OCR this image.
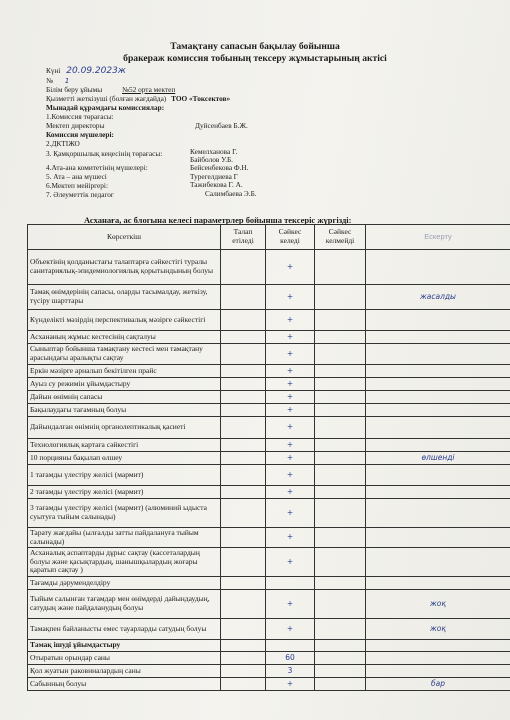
Тамақтану сапасын бақылау бойынша
бракераж комиссия тобының тексеру жұмыстарының актісі
Күні 20.09.2023ж
№ 1
Білім беру ұйымы	№52 орта мектеп
Қызметті жеткізуші (болған жағдайда) ТОО «Токсектов»
Мынадай құрамдағы комиссиялар:
1.Комиссия төрағасы:
Мектеп директоры	Дуйсенбаев Б.Ж.
Комиссия мүшелері:
2.ДКТІЖО
3. Қамқоршылық кеңесінің төрағасы:	Кемелханова Г.
Байболов У.Б.
4.Ата-ана комитетінің мүшелері:	Бейсенбекова Ф.Н.
5. Ата – ана мүшесі	Турегелдиева Г
6.Мектеп мейіргері:	Тажибекова Г. А.
7. Әлеуметтік педагог	Салимбаева Э.Б.
Асханаға, ас блогына келесі параметрлер бойынша тексеріс жүргізді:
Көрсеткіш	Талап етіледі	Сәйкес келеді	Сәйкес келмейді	Ескерту
Объектінің қолданыстағы талаптарға сәйкестігі туралы санитариялық-эпидемиологиялық қорытындының болуы		+		
Тамақ өнімдерінің сапасы, оларды тасымалдау, жеткізу, түсіру шарттары		+		жасалды
Күнделікті мәзірдің перспективалық мәзірге сәйкестігі		+		
Асхананың жұмыс кестесінің сақталуы		+		
Сыныптар бойынша тамақтану кестесі мен тамақтану арасындағы аралықты сақтау		+		
Еркін мәзірге арналып бекітілген прайс		+		
Ауыз су режимін ұйымдастыру		+		
Дайын өнімнің сапасы		+		
Бақылаудағы тағамның болуы		+		
Дайындалған өнімнің органолептикалық қасиеті		+		
Технологиялық картаға сәйкестігі		+		
10 порцияны бақылап өлшеу		+		өлшенді
1 тағамды үлестіру желісі (мармит)		+		
2 тағамды үлестіру желісі (мармит)		+		
3 тағамды үлестіру желісі (мармит) (алюминий ыдыста суытуға тыйым салынады)		+		
Тарату жағдайы (ылғалды затты пайдалануға тыйым салынады)		+		
Асханалық аспаптарды дұрыс сақтау (кассеталардың болуы және қасықтардың, шанышқылардың жоғары қаратып сақтау )		+		
Тағамды дәруменделдіру				
Тыйым салынған тағамдар мен өнімдерді дайындаудың, сатудың және пайдаланудың болуы		+		жоқ
Тамақпен байланысты емес тауарларды сатудың болуы		+		жоқ
Тамақ ішуді ұйымдастыру				
Отыратын орындар саны		60		
Қол жуатын раковиналардың саны		3		
Сабынның болуы		+		бар
